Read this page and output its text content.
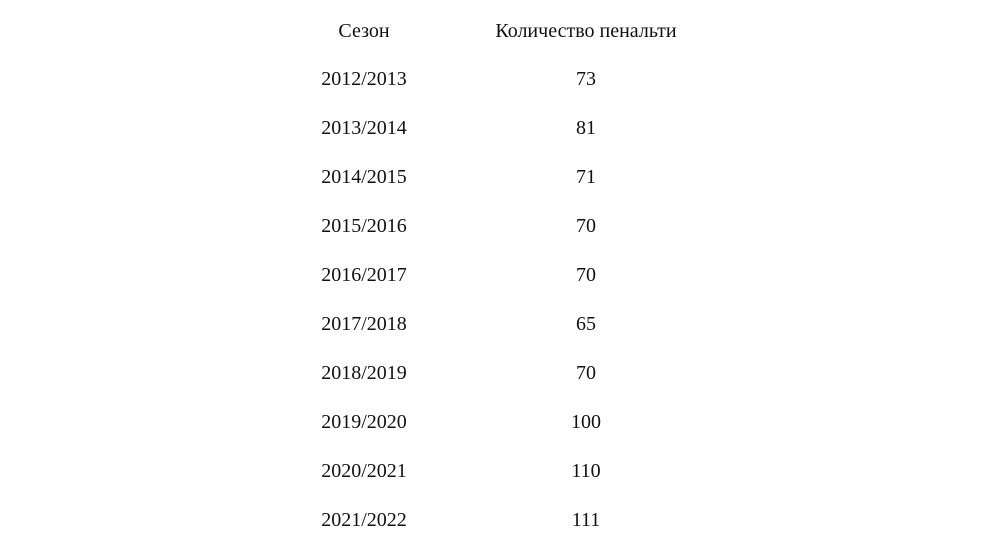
Сезон	Количество пенальти
2012/2013	73
2013/2014	81
2014/2015	71
2015/2016	70
2016/2017	70
2017/2018	65
2018/2019	70
2019/2020	100
2020/2021	110
2021/2022	111
